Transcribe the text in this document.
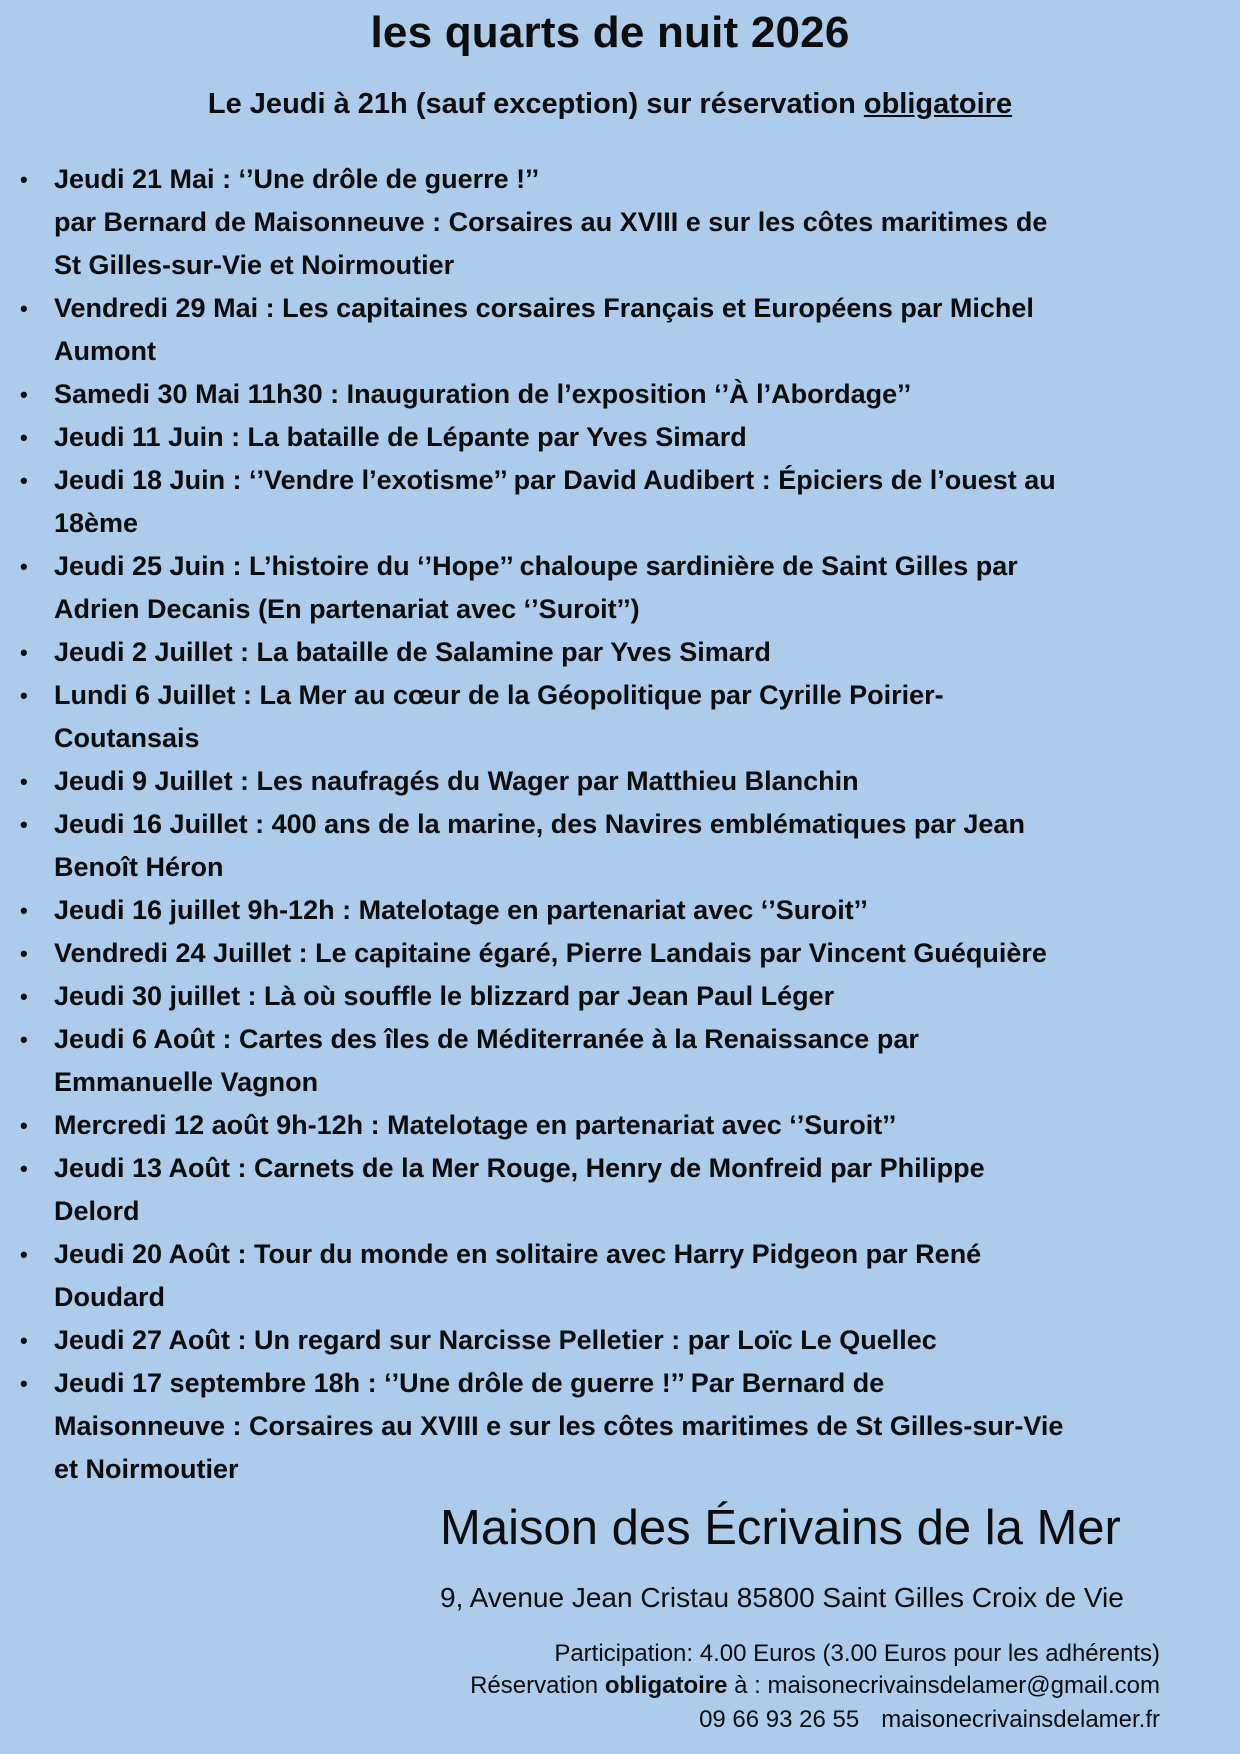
les quarts de nuit 2026
Le Jeudi à 21h (sauf exception) sur réservation obligatoire
• Jeudi 21 Mai : ‘’Une drôle de guerre !’’
par Bernard de Maisonneuve : Corsaires au XVIII e sur les côtes maritimes de
St Gilles-sur-Vie et Noirmoutier
• Vendredi 29 Mai : Les capitaines corsaires Français et Européens par Michel
Aumont
• Samedi 30 Mai 11h30 : Inauguration de l’exposition ‘’À l’Abordage’’
• Jeudi 11 Juin : La bataille de Lépante par Yves Simard
• Jeudi 18 Juin : ‘’Vendre l’exotisme’’ par David Audibert : Épiciers de l’ouest au
18ème
• Jeudi 25 Juin : L’histoire du ‘’Hope’’ chaloupe sardinière de Saint Gilles par
Adrien Decanis (En partenariat avec ‘’Suroit’’)
• Jeudi 2 Juillet : La bataille de Salamine par Yves Simard
• Lundi 6 Juillet : La Mer au cœur de la Géopolitique par Cyrille Poirier-
Coutansais
• Jeudi 9 Juillet : Les naufragés du Wager par Matthieu Blanchin
• Jeudi 16 Juillet : 400 ans de la marine, des Navires emblématiques par Jean
Benoît Héron
• Jeudi 16 juillet 9h-12h : Matelotage en partenariat avec ‘’Suroit’’
• Vendredi 24 Juillet : Le capitaine égaré, Pierre Landais par Vincent Guéquière
• Jeudi 30 juillet : Là où souffle le blizzard par Jean Paul Léger
• Jeudi 6 Août : Cartes des îles de Méditerranée à la Renaissance par
Emmanuelle Vagnon
• Mercredi 12 août 9h-12h : Matelotage en partenariat avec ‘’Suroit’’
• Jeudi 13 Août : Carnets de la Mer Rouge, Henry de Monfreid par Philippe
Delord
• Jeudi 20 Août : Tour du monde en solitaire avec Harry Pidgeon par René
Doudard
• Jeudi 27 Août : Un regard sur Narcisse Pelletier : par Loïc Le Quellec
• Jeudi 17 septembre 18h : ‘’Une drôle de guerre !’’ Par Bernard de
Maisonneuve : Corsaires au XVIII e sur les côtes maritimes de St Gilles-sur-Vie
et Noirmoutier
Maison des Écrivains de la Mer
9, Avenue Jean Cristau 85800 Saint Gilles Croix de Vie
Participation: 4.00 Euros (3.00 Euros pour les adhérents)
Réservation obligatoire à : maisonecrivainsdelamer@gmail.com
09 66 93 26 55 maisonecrivainsdelamer.fr
